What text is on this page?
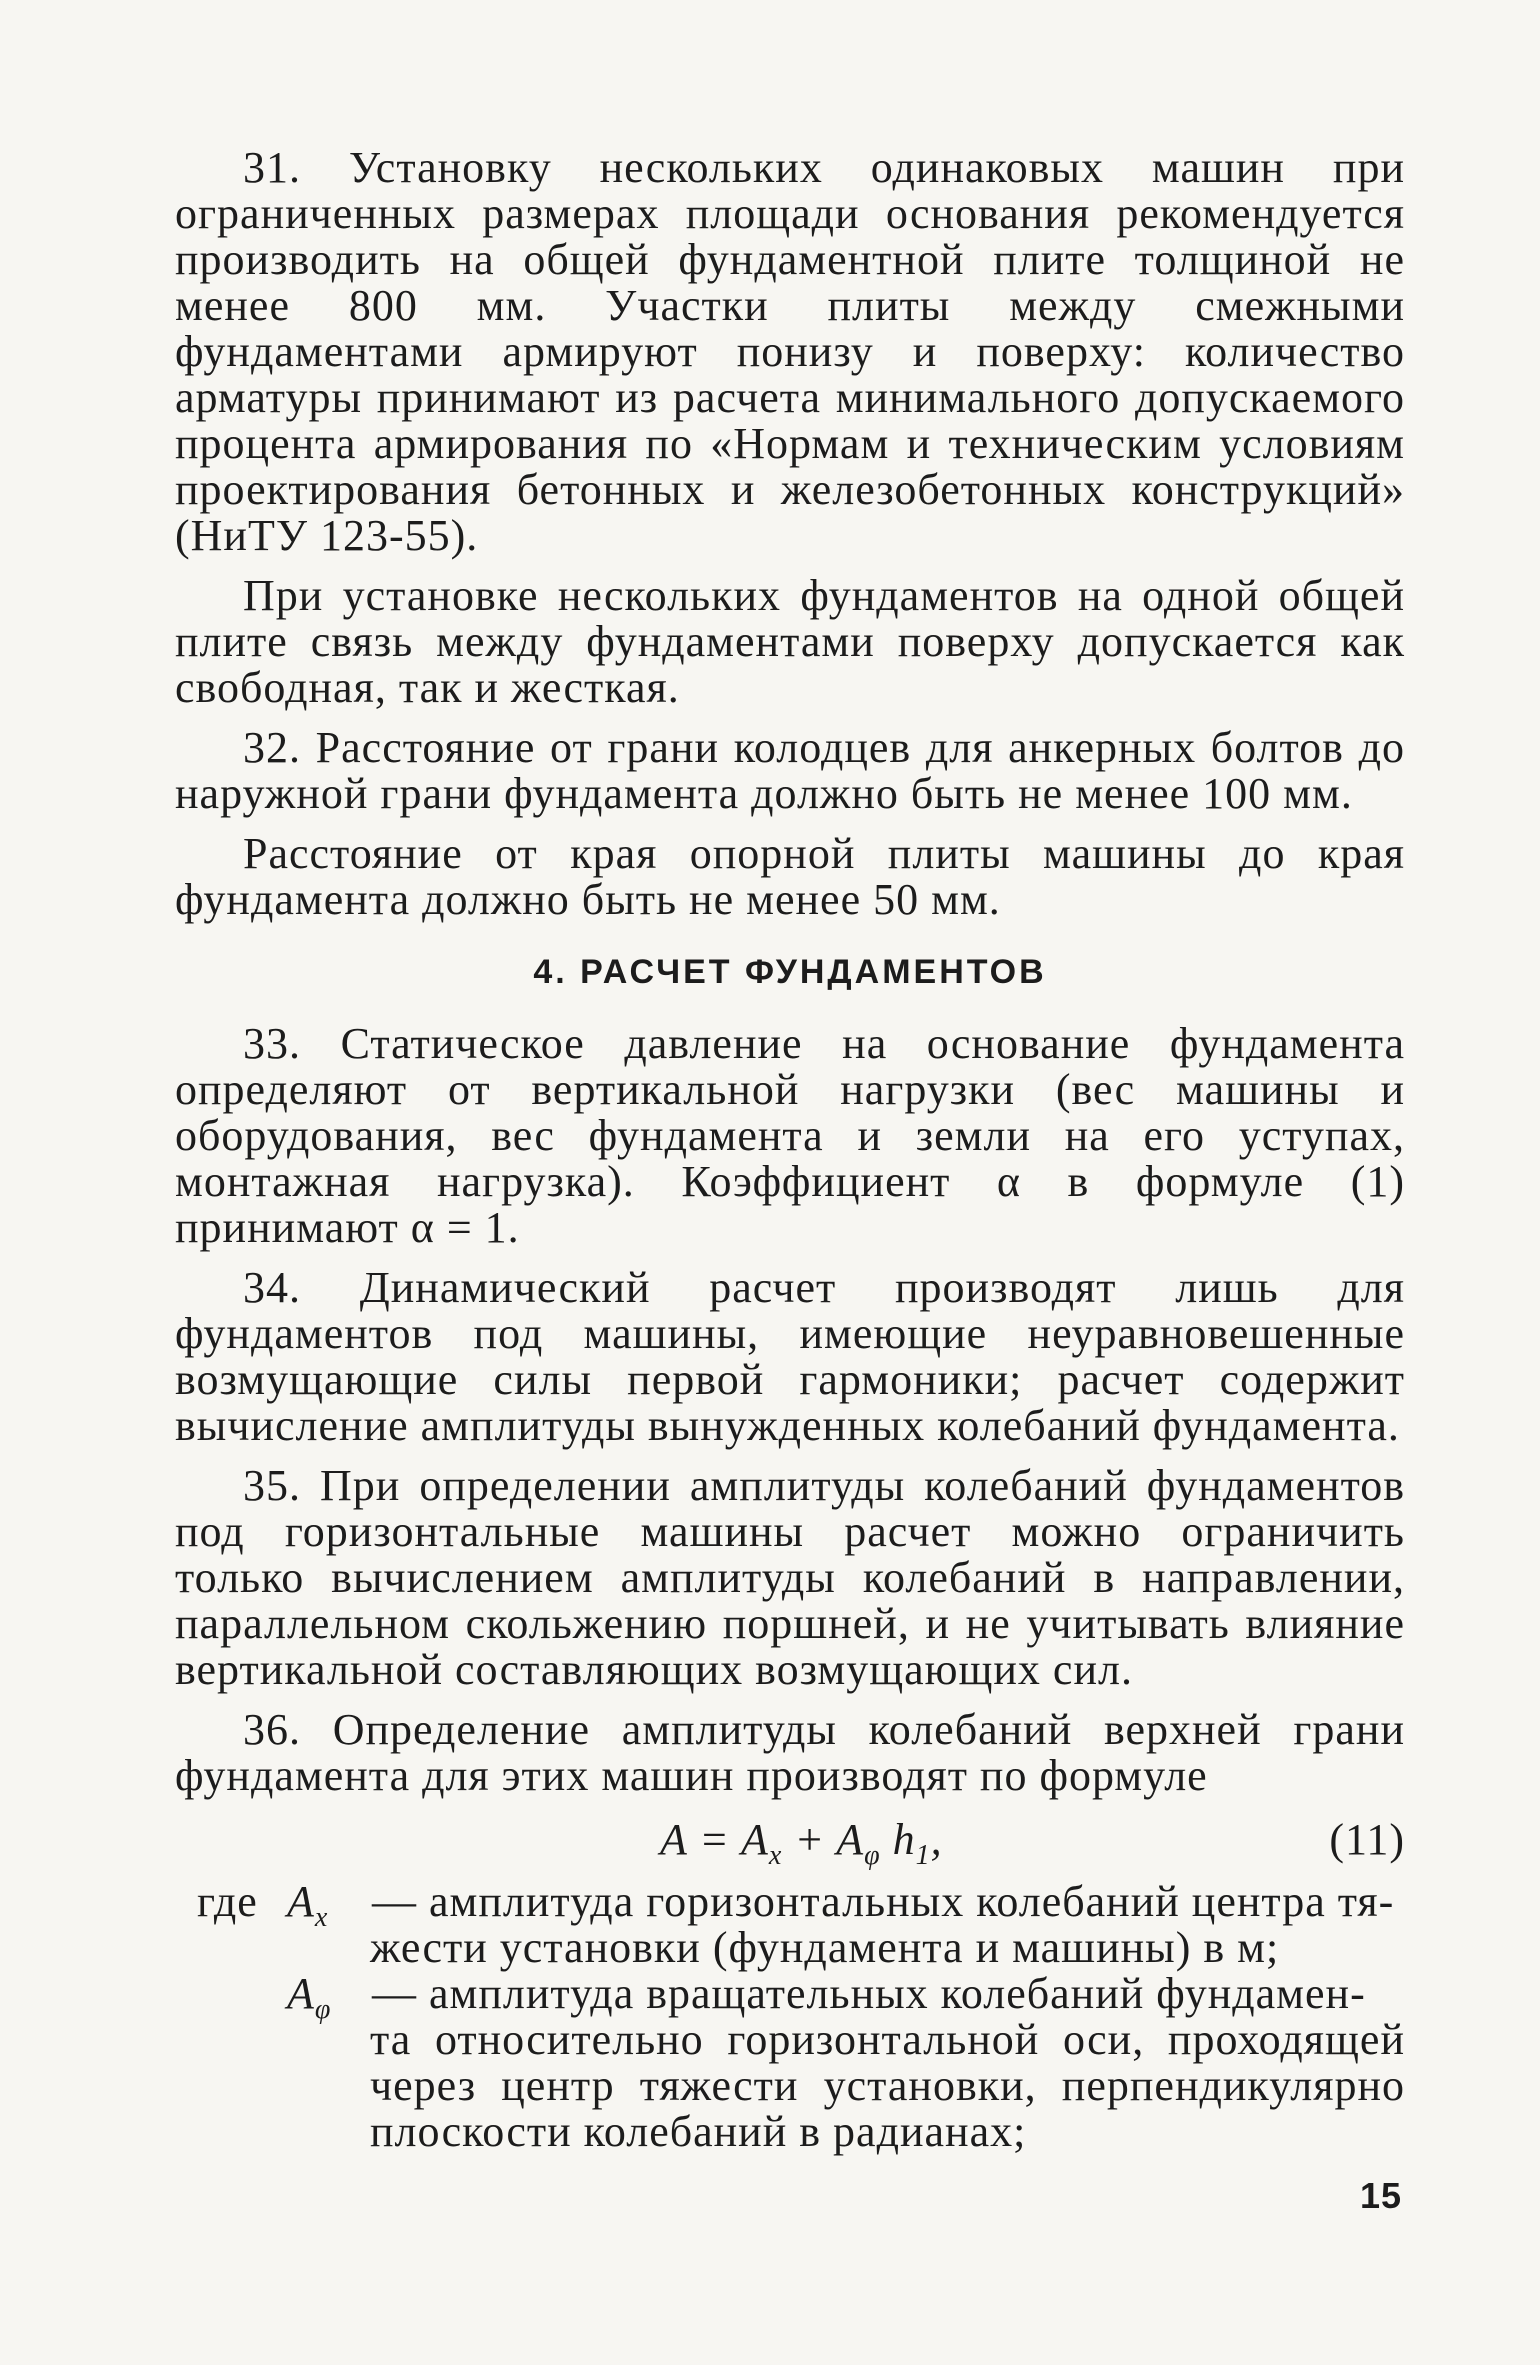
31. Установку нескольких одинаковых машин при ограниченных размерах площади основания рекомендуется производить на общей фундаментной плите толщиной не менее 800 мм. Участки плиты между смежными фундаментами армируют понизу и поверху: количество арматуры принимают из расчета минимального допускаемого процента армирования по «Нормам и техническим условиям проектирования бетонных и железобетонных конструкций» (НиТУ 123-55).

При установке нескольких фундаментов на одной общей плите связь между фундаментами поверху допускается как свободная, так и жесткая.

32. Расстояние от грани колодцев для анкерных болтов до наружной грани фундамента должно быть не менее 100 мм.

Расстояние от края опорной плиты машины до края фундамента должно быть не менее 50 мм.

4. РАСЧЕТ ФУНДАМЕНТОВ

33. Статическое давление на основание фундамента определяют от вертикальной нагрузки (вес машины и оборудования, вес фундамента и земли на его уступах, монтажная нагрузка). Коэффициент α в формуле (1) принимают α = 1.

34. Динамический расчет производят лишь для фундаментов под машины, имеющие неуравновешенные возмущающие силы первой гармоники; расчет содержит вычисление амплитуды вынужденных колебаний фундамента.

35. При определении амплитуды колебаний фундаментов под горизонтальные машины расчет можно ограничить только вычислением амплитуды колебаний в направлении, параллельном скольжению поршней, и не учитывать влияние вертикальной составляющих возмущающих сил.

36. Определение амплитуды колебаний верхней грани фундамента для этих машин производят по формуле

$A = A_x + A_\varphi$ $h_1$,	(11)
где $A_x$ — амплитуда горизонтальных колебаний центра тя-
жести установки (фундамента и машины) в м;
$A_\varphi$ — амплитуда вращательных колебаний фундамен-
та относительно горизонтальной оси, проходящей через центр тяжести установки, перпендикулярно плоскости колебаний в радианах;
15
